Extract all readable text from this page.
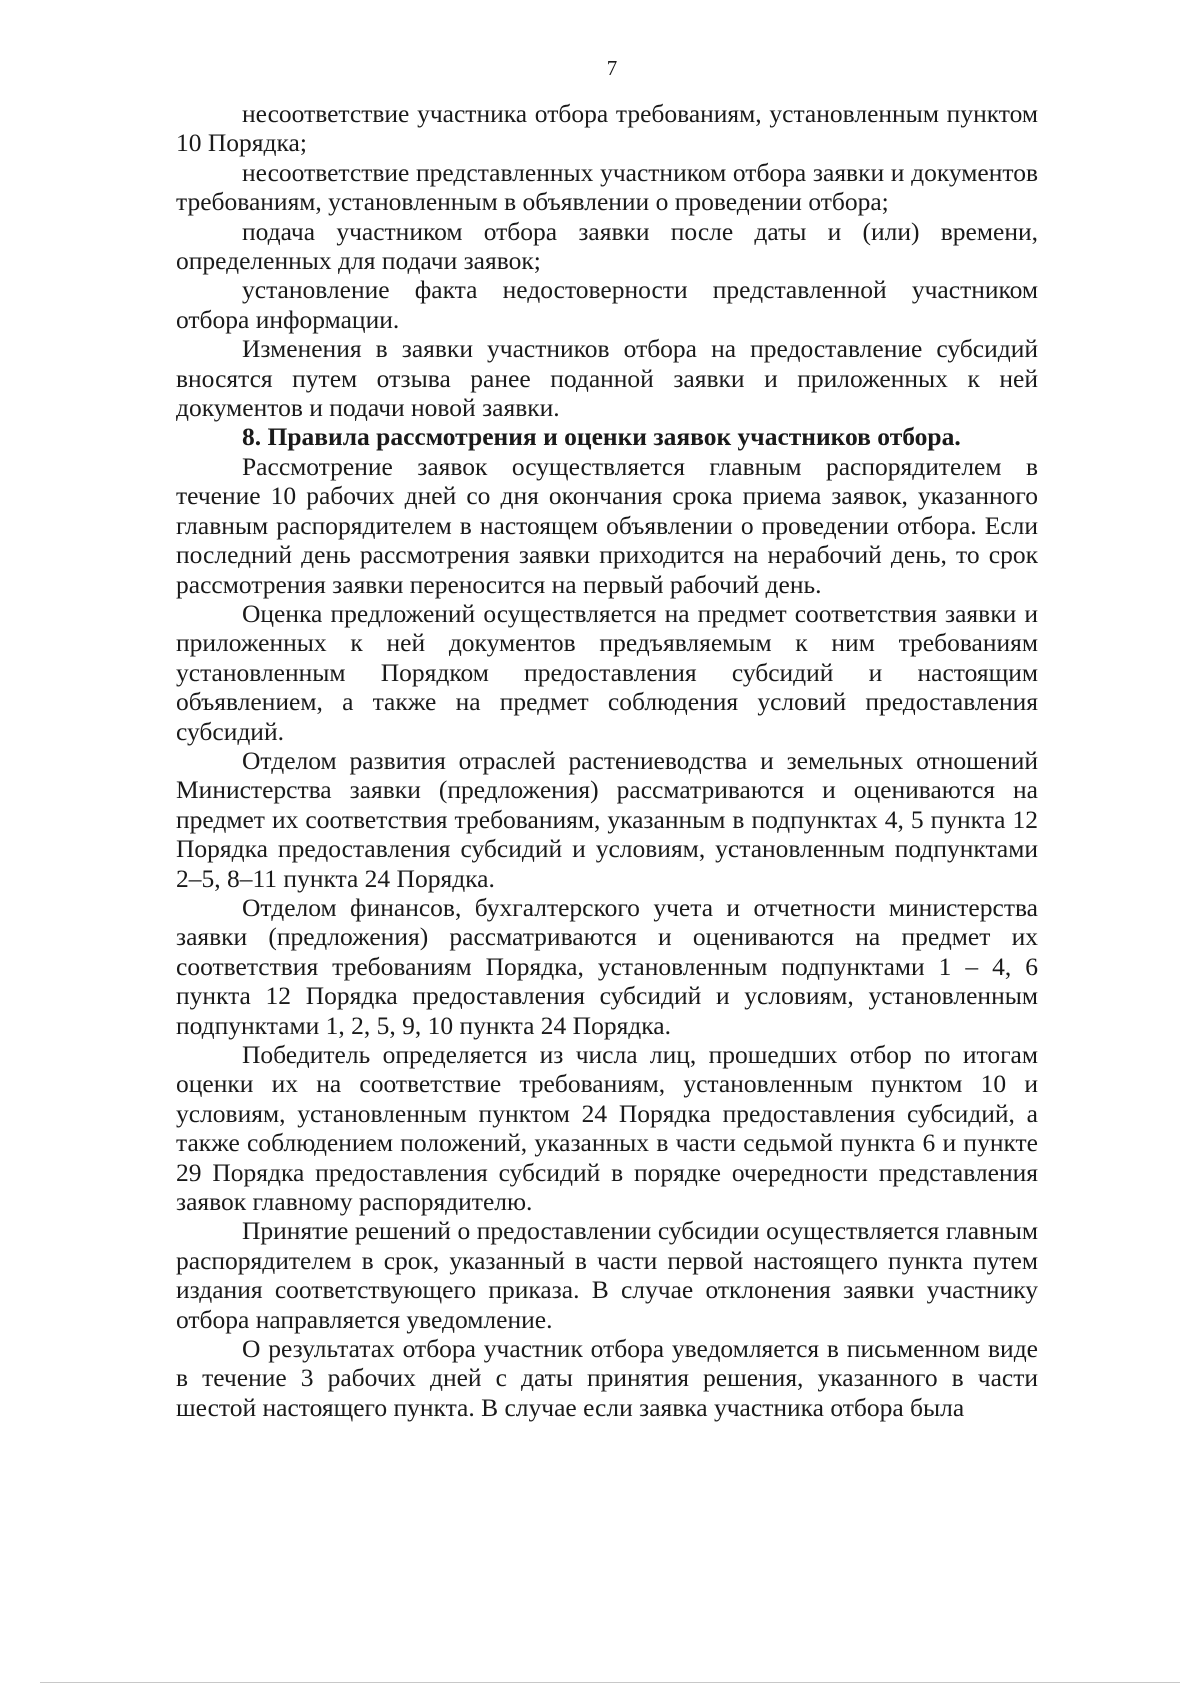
7

несоответствие участника отбора требованиям, установленным пунктом 10 Порядка;

несоответствие представленных участником отбора заявки и документов требованиям, установленным в объявлении о проведении отбора;

подача участником отбора заявки после даты и (или) времени, определенных для подачи заявок;

установление факта недостоверности представленной участником отбора информации.

Изменения в заявки участников отбора на предоставление субсидий вносятся путем отзыва ранее поданной заявки и приложенных к ней документов и подачи новой заявки.

8. Правила рассмотрения и оценки заявок участников отбора.

Рассмотрение заявок осуществляется главным распорядителем в течение 10 рабочих дней со дня окончания срока приема заявок, указанного главным распорядителем в настоящем объявлении о проведении отбора. Если последний день рассмотрения заявки приходится на нерабочий день, то срок рассмотрения заявки переносится на первый рабочий день.

Оценка предложений осуществляется на предмет соответствия заявки и приложенных к ней документов предъявляемым к ним требованиям установленным Порядком предоставления субсидий и настоящим объявлением, а также на предмет соблюдения условий предоставления субсидий.

Отделом развития отраслей растениеводства и земельных отношений Министерства заявки (предложения) рассматриваются и оцениваются на предмет их соответствия требованиям, указанным в подпунктах 4, 5 пункта 12 Порядка предоставления субсидий и условиям, установленным подпунктами 2–5, 8–11 пункта 24 Порядка.

Отделом финансов, бухгалтерского учета и отчетности министерства заявки (предложения) рассматриваются и оцениваются на предмет их соответствия требованиям Порядка, установленным подпунктами 1 – 4, 6 пункта 12 Порядка предоставления субсидий и условиям, установленным подпунктами 1, 2, 5, 9, 10 пункта 24 Порядка.

Победитель определяется из числа лиц, прошедших отбор по итогам оценки их на соответствие требованиям, установленным пунктом 10 и условиям, установленным пунктом 24 Порядка предоставления субсидий, а также соблюдением положений, указанных в части седьмой пункта 6 и пункте 29 Порядка предоставления субсидий в порядке очередности представления заявок главному распорядителю.

Принятие решений о предоставлении субсидии осуществляется главным распорядителем в срок, указанный в части первой настоящего пункта путем издания соответствующего приказа. В случае отклонения заявки участнику отбора направляется уведомление.

О результатах отбора участник отбора уведомляется в письменном виде в течение 3 рабочих дней с даты принятия решения, указанного в части шестой настоящего пункта. В случае если заявка участника отбора была
